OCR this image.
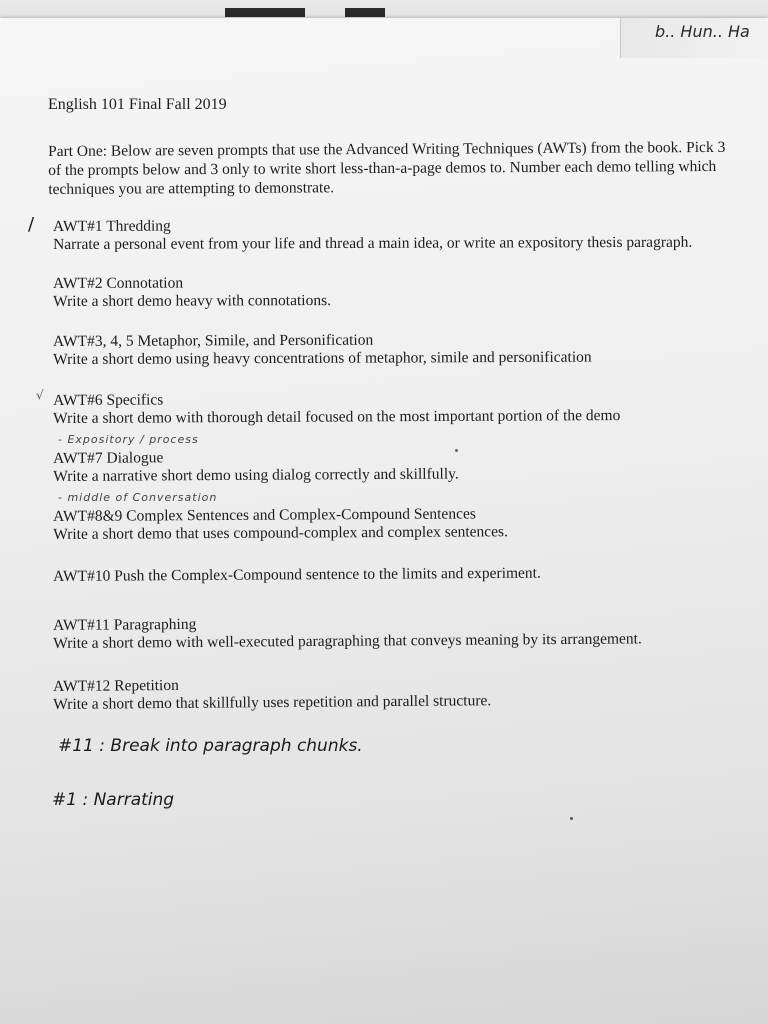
b.. Hun.. Ha
English 101 Final Fall 2019
Part One: Below are seven prompts that use the Advanced Writing Techniques (AWTs) from the book. Pick 3 of the prompts below and 3 only to write short less-than-a-page demos to. Number each demo telling which techniques you are attempting to demonstrate.
/ AWT#1 Thredding
Narrate a personal event from your life and thread a main idea, or write an expository thesis paragraph.
AWT#2 Connotation
Write a short demo heavy with connotations.
AWT#3, 4, 5 Metaphor, Simile, and Personification
Write a short demo using heavy concentrations of metaphor, simile and personification
√ AWT#6 Specifics
Write a short demo with thorough detail focused on the most important portion of the demo
- Expository / process
AWT#7 Dialogue
Write a narrative short demo using dialog correctly and skillfully.
- middle of Conversation
AWT#8&9 Complex Sentences and Complex-Compound Sentences
Write a short demo that uses compound-complex and complex sentences.
AWT#10 Push the Complex-Compound sentence to the limits and experiment.
AWT#11 Paragraphing
Write a short demo with well-executed paragraphing that conveys meaning by its arrangement.
AWT#12 Repetition
Write a short demo that skillfully uses repetition and parallel structure.
#11 : Break into paragraph chunks.
#1 : Narrating
